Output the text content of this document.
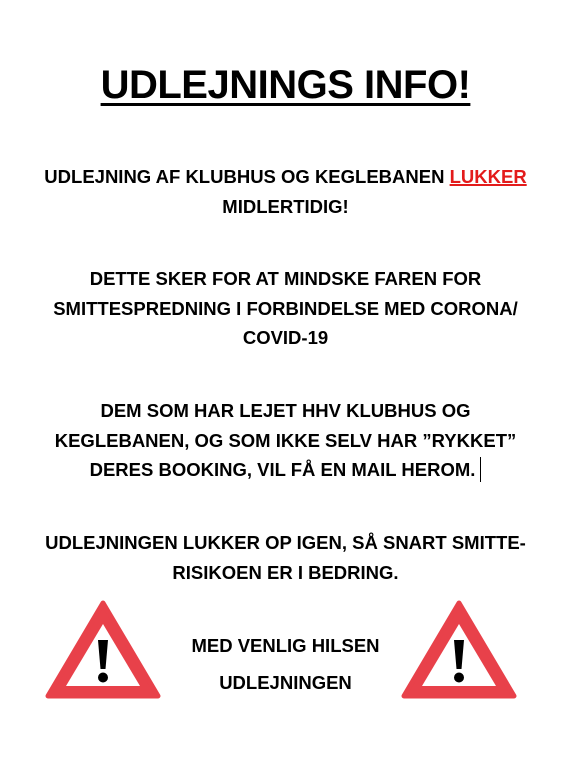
UDLEJNINGS INFO!
UDLEJNING AF KLUBHUS OG KEGLEBANEN LUKKER
MIDLERTIDIG!
DETTE SKER FOR AT MINDSKE FAREN FOR
SMITTESPREDNING I FORBINDELSE MED CORONA/
COVID-19
DEM SOM HAR LEJET HHV KLUBHUS OG
KEGLEBANEN, OG SOM IKKE SELV HAR ”RYKKET”
DERES BOOKING, VIL FÅ EN MAIL HEROM.
UDLEJNINGEN LUKKER OP IGEN, SÅ SNART SMITTE-
RISIKOEN ER I BEDRING.
MED VENLIG HILSEN
UDLEJNINGEN
